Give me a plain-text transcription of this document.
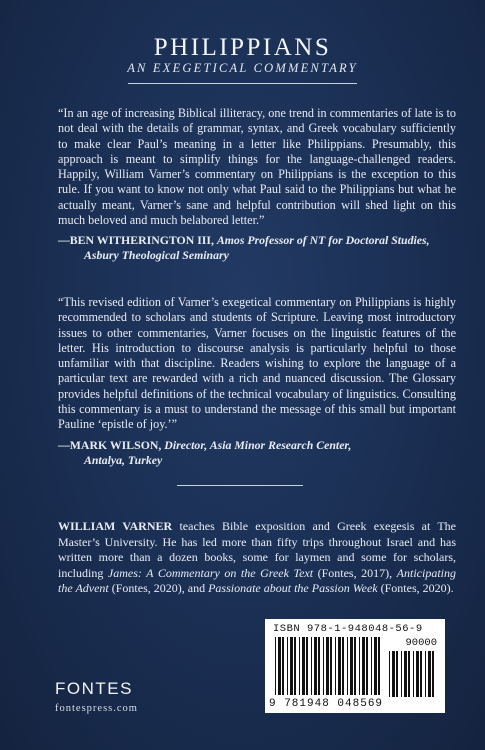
PHILIPPIANS
AN EXEGETICAL COMMENTARY
“In an age of increasing Biblical illiteracy, one trend in commentaries of late is to not deal with the details of grammar, syntax, and Greek vocabulary sufficiently to make clear Paul’s meaning in a letter like Philippians. Presumably, this approach is meant to simplify things for the language-challenged readers. Happily, William Varner’s commentary on Philippians is the exception to this rule. If you want to know not only what Paul said to the Philippians but what he actually meant, Varner’s sane and helpful contribution will shed light on this much beloved and much belabored letter.”
—BEN WITHERINGTON III, Amos Professor of NT for Doctoral Studies,
Asbury Theological Seminary
“This revised edition of Varner’s exegetical commentary on Philippians is highly recommended to scholars and students of Scripture. Leaving most introductory issues to other commentaries, Varner focuses on the linguistic features of the letter. His introduction to discourse analysis is particularly helpful to those unfamiliar with that discipline. Readers wishing to explore the language of a particular text are rewarded with a rich and nuanced discussion. The Glossary provides helpful definitions of the technical vocabulary of linguistics. Consulting this commentary is a must to understand the message of this small but important Pauline ‘epistle of joy.’”
—MARK WILSON, Director, Asia Minor Research Center,
Antalya, Turkey
WILLIAM VARNER teaches Bible exposition and Greek exegesis at The Master’s University. He has led more than fifty trips throughout Israel and has written more than a dozen books, some for laymen and some for scholars, including James: A Commentary on the Greek Text (Fontes, 2017), Anticipating the Advent (Fontes, 2020), and Passionate about the Passion Week (Fontes, 2020).
ISBN 978-1-948048-56-9
90000
9 781948 048569
FONTES
fontespress.com
